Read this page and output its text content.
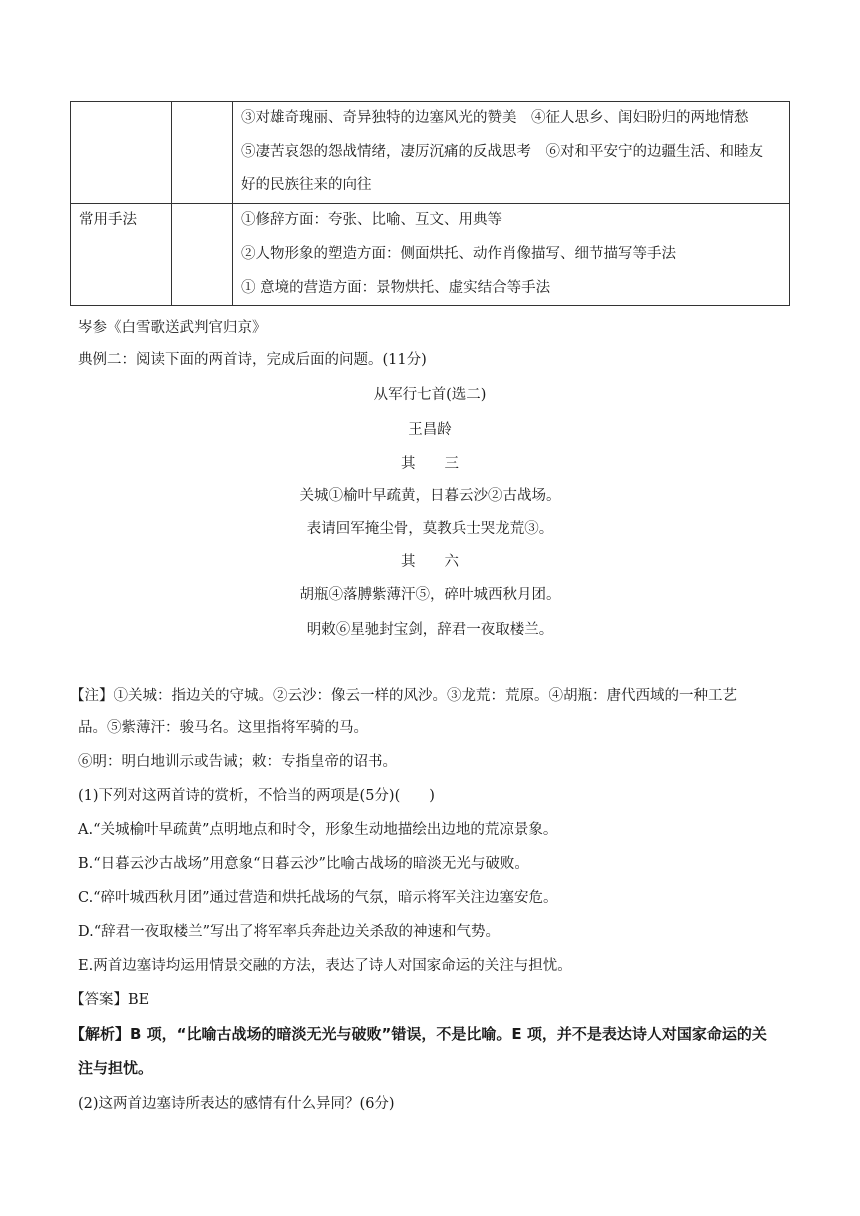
		③对雄奇瑰丽、奇异独特的边塞风光的赞美　④征人思乡、闺妇盼归的两地情愁
⑤凄苦哀怨的怨战情绪，凄厉沉痛的反战思考　⑥对和平安宁的边疆生活、和睦友
好的民族往来的向往

常用手法		①修辞方面：夸张、比喻、互文、用典等
②人物形象的塑造方面：侧面烘托、动作肖像描写、细节描写等手法
① 意境的营造方面：景物烘托、虚实结合等手法
岑参《白雪歌送武判官归京》
典例二：阅读下面的两首诗，完成后面的问题。(11分)
从军行七首(选二)
王昌龄
其　　三
关城①榆叶早疏黄，日暮云沙②古战场。
表请回军掩尘骨，莫教兵士哭龙荒③。
其　　六
胡瓶④落膊紫薄汗⑤，碎叶城西秋月团。
明敕⑥星驰封宝剑，辞君一夜取楼兰。
【注】①关城：指边关的守城。②云沙：像云一样的风沙。③龙荒：荒原。④胡瓶：唐代西域的一种工艺
品。⑤紫薄汗：骏马名。这里指将军骑的马。
⑥明：明白地训示或告诫；敕：专指皇帝的诏书。
(1)下列对这两首诗的赏析，不恰当的两项是(5分)(　　)
A.“关城榆叶早疏黄”点明地点和时令，形象生动地描绘出边地的荒凉景象。
B.“日暮云沙古战场”用意象“日暮云沙”比喻古战场的暗淡无光与破败。
C.“碎叶城西秋月团”通过营造和烘托战场的气氛，暗示将军关注边塞安危。
D.“辞君一夜取楼兰”写出了将军率兵奔赴边关杀敌的神速和气势。
E.两首边塞诗均运用情景交融的方法，表达了诗人对国家命运的关注与担忧。
【答案】BE
【解析】B 项，“比喻古战场的暗淡无光与破败”错误，不是比喻。E 项，并不是表达诗人对国家命运的关
注与担忧。
(2)这两首边塞诗所表达的感情有什么异同？(6分)
